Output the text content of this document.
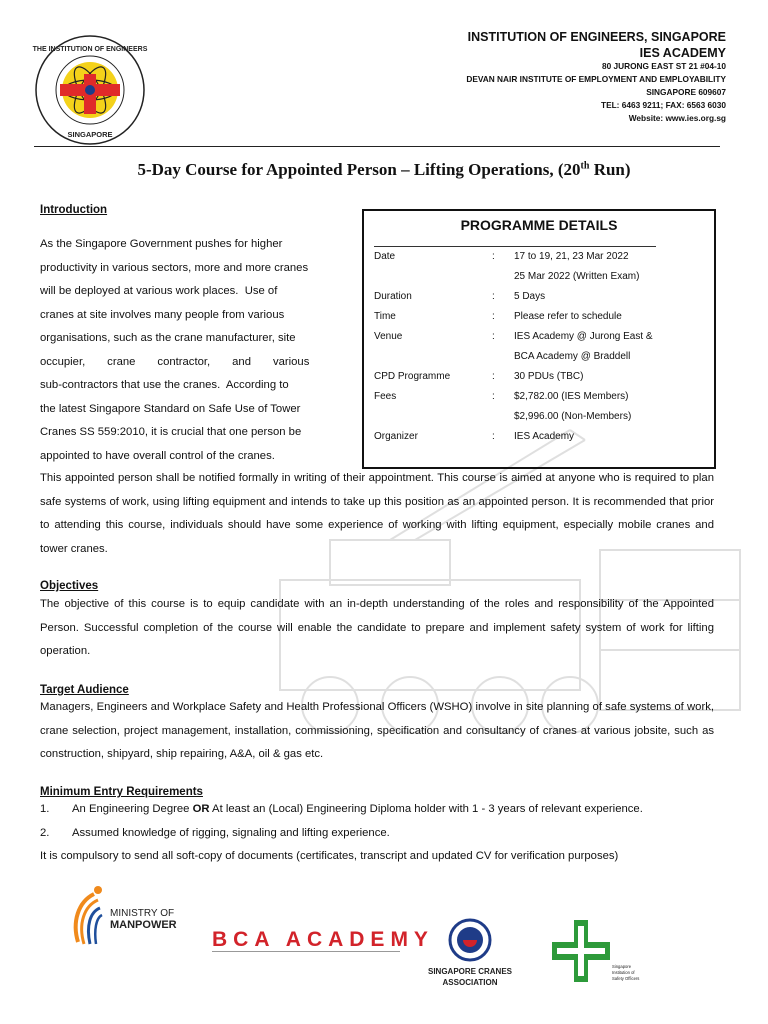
THE INSTITUTION OF ENGINEERS
SINGAPORE
INSTITUTION OF ENGINEERS, SINGAPORE
IES ACADEMY
80 JURONG EAST ST 21 #04-10
DEVAN NAIR INSTITUTE OF EMPLOYMENT AND EMPLOYABILITY
SINGAPORE 609607
TEL: 6463 9211; FAX: 6563 6030
Website: www.ies.org.sg
5-Day Course for Appointed Person – Lifting Operations, (20th Run)
Introduction
As the Singapore Government pushes for higher
productivity in various sectors, more and more cranes
will be deployed at various work places.  Use of
cranes at site involves many people from various
organisations, such as the crane manufacturer, site
occupier,       crane       contractor,       and       various
sub-contractors that use the cranes.  According to
the latest Singapore Standard on Safe Use of Tower
Cranes SS 559:2010, it is crucial that one person be
appointed to have overall control of the cranes.
This appointed person shall be notified formally in writing of their appointment. This course is aimed at anyone who is required to plan safe systems of work, using lifting equipment and intends to take up this position as an appointed person. It is recommended that prior to attending this course, individuals should have some experience of working with lifting equipment, especially mobile cranes and tower cranes.
PROGRAMME DETAILS
Date	: 17 to 19, 21, 23 Mar 2022
25 Mar 2022 (Written Exam)
Duration	: 5 Days
Time	: Please refer to schedule
Venue	: IES Academy @ Jurong East &
BCA Academy @ Braddell
CPD Programme	: 30 PDUs (TBC)
Fees	: $2,782.00 (IES Members)
$2,996.00 (Non-Members)
Organizer	: IES Academy
Objectives
The objective of this course is to equip candidate with an in-depth understanding of the roles and responsibility of the Appointed Person. Successful completion of the course will enable the candidate to prepare and implement safety system of work for lifting operation.
Target Audience
Managers, Engineers and Workplace Safety and Health Professional Officers (WSHO) involve in site planning of safe systems of work, crane selection, project management, installation, commissioning, specification and consultancy of cranes at various jobsite, such as construction, shipyard, ship repairing, A&A, oil & gas etc.
Minimum Entry Requirements
1. An Engineering Degree OR At least an (Local) Engineering Diploma holder with 1 - 3 years of relevant experience.
2. Assumed knowledge of rigging, signaling and lifting experience.
It is compulsory to send all soft-copy of documents (certificates, transcript and updated CV for verification purposes)
MINISTRY OF
MANPOWER
BCA ACADEMY
SINGAPORE CRANES
ASSOCIATION
Singapore
Institution of
Safety Officers
